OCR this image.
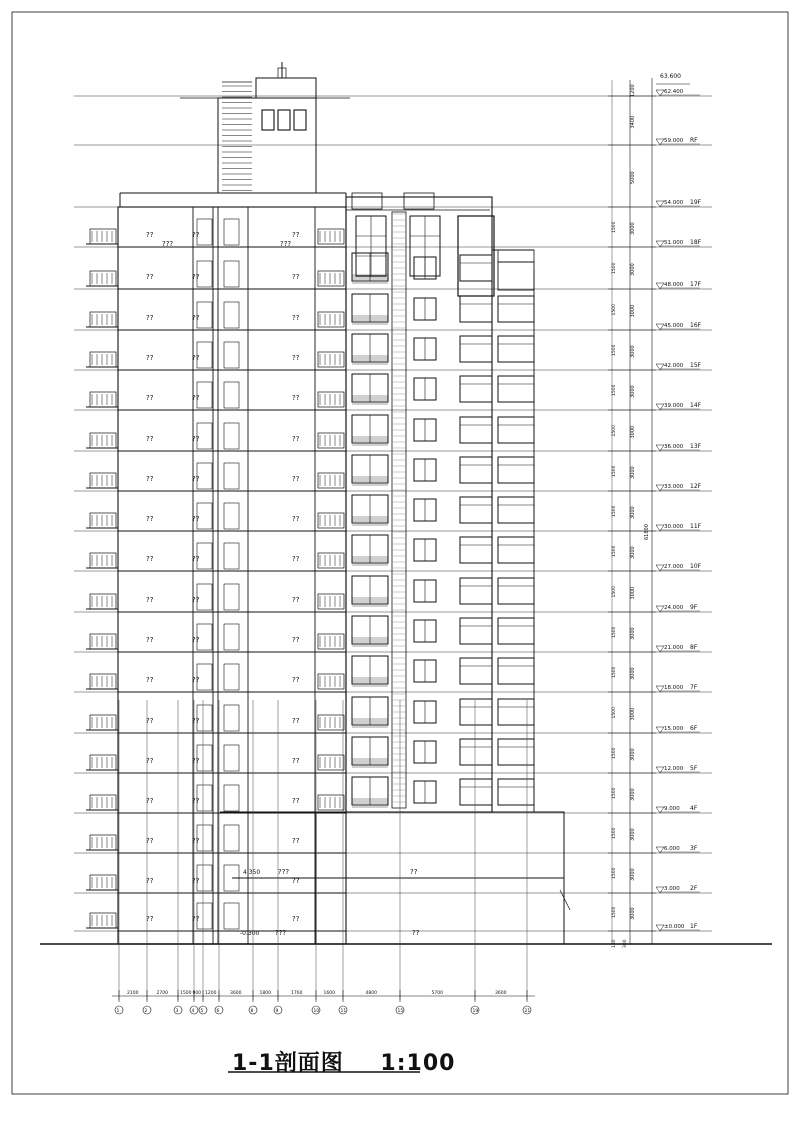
??	??
??
??	??
??
??	??
??
??	??
??
??	??
??
??	??
??
??	??
??
??	??
??
??	??
??
??	??
??
??	??
??
??	??
??
??	??
??
??	??
??
??	??
??
??	??
??
??	??
??
??	??
??
???	???
4.350	???	??
-0.300 ???	??
1200
3400
5000
3000
3000
3000
3000
3000
3000
3000
3000
3000
3000
3000
3000
3000
3000
3000
3000
3000
3000
1500
1500
1500
1500
1500
1500
1500
1500
1500
1500
1500
1500
1500
1500
1500
1500
1500
1500
61800
63.600
62.400
59.000 RF
54.000 19F
51.000 18F
48.000 17F
45.000 16F
42.000 15F
39.000 14F
36.000 13F
33.000 12F
30.000 11F
27.000 10F
24.000 9F
21.000 8F
18.000 7F
15.000 6F
12.000 5F
9.000 4F
6.000 3F
3.000 2F
±0.000 1F
2100	2700	1500 900 1200	3600	1800	1760	1600	4800	5700	3600
1	2	3	4 5	6	8	9	10	11	15	19	21
150 300
1-1剖面图 1:100
